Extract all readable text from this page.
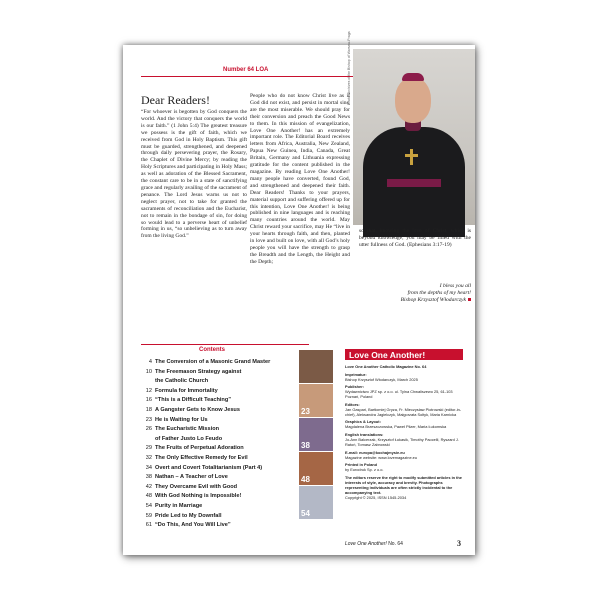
Number 64 LOA
Bishop Krzysztof Włodarczyk
Photo: Archives of the Bishop of Warsaw-Praga
Dear Readers!
“For whoever is begotten by God conquers the world. And the victory that conquers the world is our faith.” (1 John 5:4) The greatest treasure we possess is the gift of faith, which we received from God in Holy Baptism. This gift must be guarded, strengthened, and deepened through daily persevering prayer, the Rosary, the Chaplet of Divine Mercy; by reading the Holy Scriptures and participating in Holy Mass; as well as adoration of the Blessed Sacrament, the constant care to be in a state of sanctifying grace and regularly availing of the sacrament of penance. The Lord Jesus warns us not to neglect prayer, not to take for granted the sacraments of reconciliation and the Eucharist, not to remain in the bondage of sin, for doing so would lead to a perverse heart of unbelief forming in us, “so unbelieving as to turn away from the living God.”
People who do not know Christ live as if God did not exist, and persist in mortal sins, are the most miserable. We should pray for their conversion and preach the Good News to them. In this mission of evangelization, Love One Another! has an extremely important role. The Editorial Board receives letters from Africa, Australia, New Zealand, Papua New Guinea, India, Canada, Great Britain, Germany and Lithuania expressing gratitude for the content published in the magazine. By reading Love One Another! many people have converted, found God, and strengthened and deepened their faith. Dear Readers! Thanks to your prayers, material support and suffering offered up for this intention, Love One Another! is being published in nine languages and is reaching many countries around the world. May Christ reward your sacrifice, may He “live in your hearts through faith, and then, planted in love and built on love, with all God’s holy people you will have the strength to grasp the Breadth and the Length, the Height and the Depth;
so that, knowing the love of Christ, which is beyond knowledge, you may be filled with the utter fullness of God. (Ephesians 3:17-19)
I bless you all
from the depths of my heart!
Bishop Krzysztof Włodarczyk
Contents
4 The Conversion of a Masonic Grand Master
10 The Freemason Strategy against
the Catholic Church
12 Formula for Immortality
16 “This is a Difficult Teaching”
18 A Gangster Gets to Know Jesus
23 He is Waiting for Us
26 The Eucharistic Mission
of Father Justo Lo Feudo
29 The Fruits of Perpetual Adoration
32 The Only Effective Remedy for Evil
34 Overt and Covert Totalitarianism (Part 4)
38 Nathan – A Teacher of Love
42 They Overcame Evil with Good
48 With God Nothing is Impossible!
54 Purity in Marriage
59 Pride Led to My Downfall
61 “Do This, And You Will Live”
23
38
48
54
Love One Another!

Love One Another Catholic Magazine No. 64

Imprimatur:
Bishop Krzysztof Włodarczyk, March 2025

Publisher:
Wydawnictwo JPZ sp. z o.o. ul. Tylna Chwaliszewo 25, 61-103 Poznań, Poland

Editors:
Jan Gaspari, Bartłomiej Gryza, Fr. Mieczysław Piotrowski (editor-in-chief), Aleksandra Jagielczyk, Małgorzata Sołtyk, Maria Karnicka

Graphics & Layout:
Magdalena Brzeszczowska, Paweł Plizer, Maria Łukomska

English translations:
Jo-Ann Balcerzak, Krzysztof Łukasik, Timothy Paocelli, Ryszard J. Ratoń, Tomasz Zabrowski

E-mail: europa@kochajmysie.eu
Magazine website: www.lovemagazine.eu

Printed in Poland
by Eurodruk Sp. z o.o.

The editors reserve the right to modify submitted articles in the interests of style, accuracy and brevity. Photographs representing individuals are often strictly incidental to the accompanying text.
Copyright © 2025, ISSN 1545-2034

Love One Another! No. 64	3
